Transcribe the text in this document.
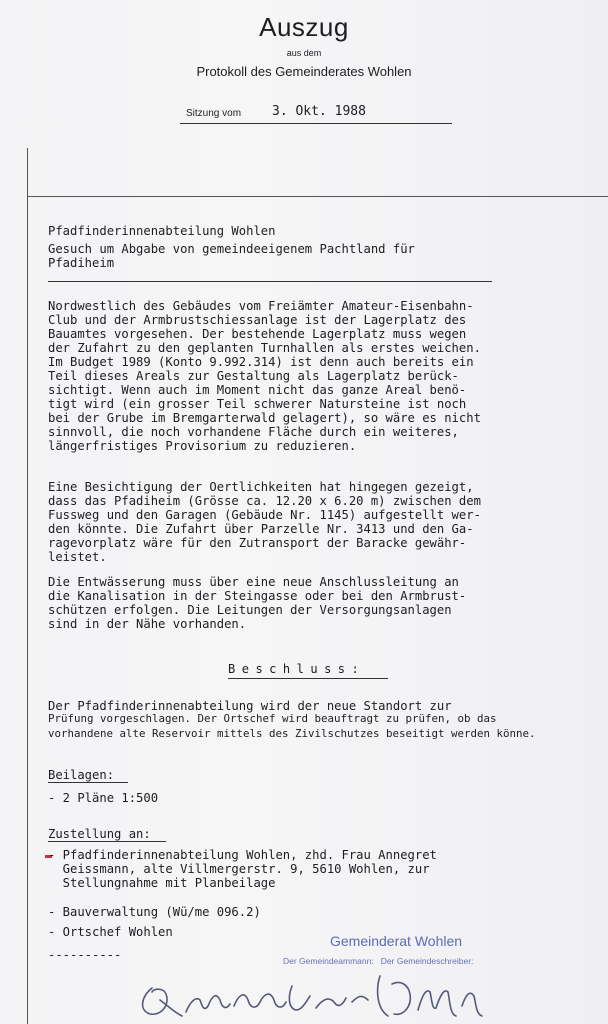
Auszug
aus dem
Protokoll des Gemeinderates Wohlen
Sitzung vom 3. Okt. 1988
Pfadfinderinnenabteilung Wohlen
Gesuch um Abgabe von gemeindeeigenem Pachtland für
Pfadiheim
Nordwestlich des Gebäudes vom Freiämter Amateur-Eisenbahn-
Club und der Armbrustschiessanlage ist der Lagerplatz des
Bauamtes vorgesehen. Der bestehende Lagerplatz muss wegen
der Zufahrt zu den geplanten Turnhallen als erstes weichen.
Im Budget 1989 (Konto 9.992.314) ist denn auch bereits ein
Teil dieses Areals zur Gestaltung als Lagerplatz berück-
sichtigt. Wenn auch im Moment nicht das ganze Areal benö-
tigt wird (ein grosser Teil schwerer Natursteine ist noch
bei der Grube im Bremgarterwald gelagert), so wäre es nicht
sinnvoll, die noch vorhandene Fläche durch ein weiteres,
längerfristiges Provisorium zu reduzieren.
Eine Besichtigung der Oertlichkeiten hat hingegen gezeigt,
dass das Pfadiheim (Grösse ca. 12.20 x 6.20 m) zwischen dem
Fussweg und den Garagen (Gebäude Nr. 1145) aufgestellt wer-
den könnte. Die Zufahrt über Parzelle Nr. 3413 und den Ga-
ragevorplatz wäre für den Zutransport der Baracke gewähr-
leistet.
Die Entwässerung muss über eine neue Anschlussleitung an
die Kanalisation in der Steingasse oder bei den Armbrust-
schützen erfolgen. Die Leitungen der Versorgungsanlagen
sind in der Nähe vorhanden.
Beschluss:
Der Pfadfinderinnenabteilung wird der neue Standort zur
Prüfung vorgeschlagen. Der Ortschef wird beauftragt zu prüfen, ob das
vorhandene alte Reservoir mittels des Zivilschutzes beseitigt werden könne.
Beilagen:
- 2 Pläne 1:500
Zustellung an:
- Pfadfinderinnenabteilung Wohlen, zhd. Frau Annegret
Geissmann, alte Villmergerstr. 9, 5610 Wohlen, zur
Stellungnahme mit Planbeilage
- Bauverwaltung (Wü/me 096.2)
- Ortschef Wohlen
----------
Gemeinderat Wohlen
Der Gemeindeammann:   Der Gemeindeschreiber:
